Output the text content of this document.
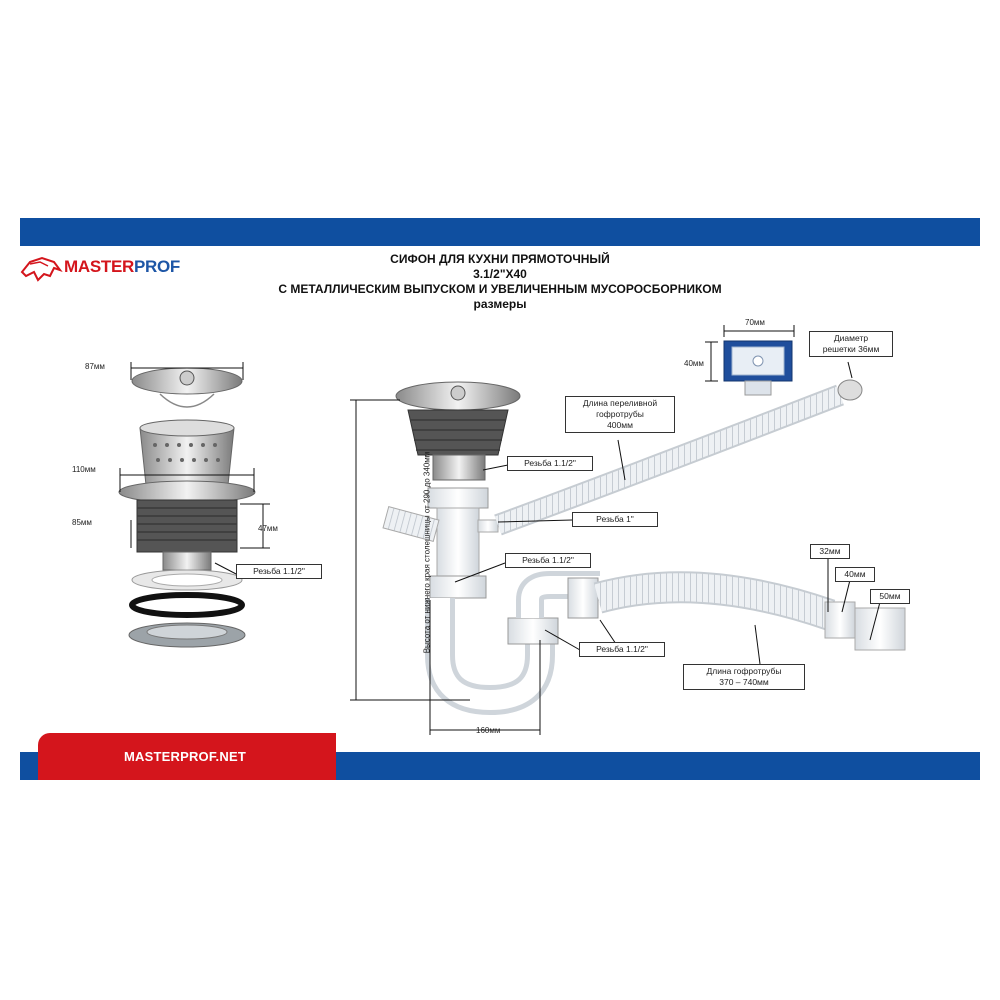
MASTERPROF.NET
MASTERPROF	СИФОН ДЛЯ КУХНИ ПРЯМОТОЧНЫЙ
3.1/2"X40
С МЕТАЛЛИЧЕСКИМ ВЫПУСКОМ И УВЕЛИЧЕННЫМ МУСОРОСБОРНИКОМ
размеры
87мм
110мм
85мм
47мм
70мм
40мм
160мм
Высота от нижнего края столешницы от 290 до 340мм
Резьба 1.1/2"
Диаметр
решетки 36мм
Длина переливной
гофротрубы
400мм
Резьба 1.1/2"
Резьба 1"
Резьба 1.1/2"
Резьба 1.1/2"
32мм
40мм
50мм
Длина гофротрубы
370 – 740мм
